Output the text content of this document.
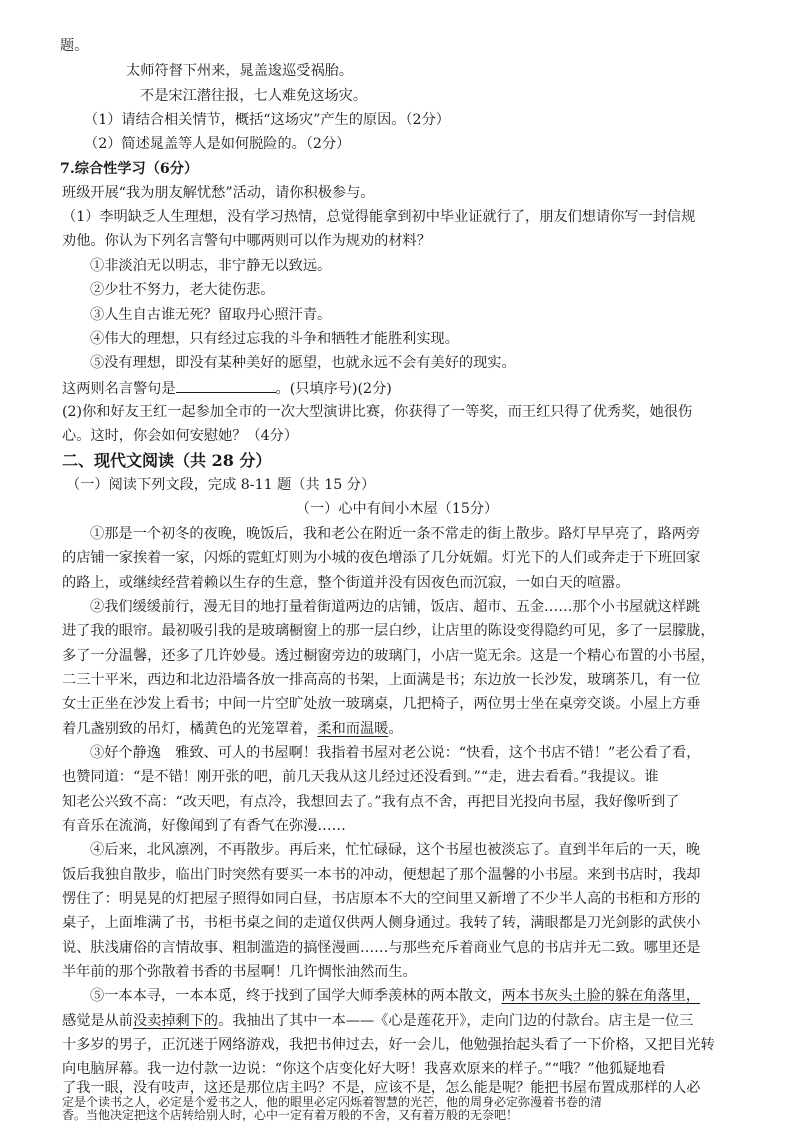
题。
太师符督下州来，晁盖逡巡受祸胎。
不是宋江潜往报，七人难免这场灾。
（1）请结合相关情节，概括“这场灾”产生的原因。（2分）
（2）简述晁盖等人是如何脱险的。（2分）
7.综合性学习（6分）
班级开展“我为朋友解忧愁”活动，请你积极参与。
（1）李明缺乏人生理想，没有学习热情，总觉得能拿到初中毕业证就行了，朋友们想请你写一封信规
劝他。你认为下列名言警句中哪两则可以作为规劝的材料？
①非淡泊无以明志，非宁静无以致远。
②少壮不努力，老大徒伤悲。
③人生自古谁无死？留取丹心照汗青。
④伟大的理想，只有经过忘我的斗争和牺牲才能胜利实现。
⑤没有理想，即没有某种美好的愿望，也就永远不会有美好的现实。
这两则名言警句是	。(只填序号)(2分)
(2)你和好友王红一起参加全市的一次大型演讲比赛，你获得了一等奖，而王红只得了优秀奖，她很伤
心。这时，你会如何安慰她？（4分）
二、现代文阅读（共 28 分）
（一）阅读下列文段，完成 8-11 题（共 15 分）
（一）心中有间小木屋（15分）
①那是一个初冬的夜晚，晚饭后，我和老公在附近一条不常走的街上散步。路灯早早亮了，路两旁
的店铺一家挨着一家，闪烁的霓虹灯则为小城的夜色增添了几分妩媚。灯光下的人们或奔走于下班回家
的路上，或继续经营着赖以生存的生意，整个街道并没有因夜色而沉寂，一如白天的喧嚣。
②我们缓缓前行，漫无目的地打量着街道两边的店铺，饭店、超市、五金……那个小书屋就这样跳
进了我的眼帘。最初吸引我的是玻璃橱窗上的那一层白纱，让店里的陈设变得隐约可见，多了一层朦胧，
多了一分温馨，还多了几许妙曼。透过橱窗旁边的玻璃门，小店一览无余。这是一个精心布置的小书屋，
二三十平米，西边和北边沿墙各放一排高高的书架，上面满是书；东边放一长沙发，玻璃茶几，有一位
女士正坐在沙发上看书；中间一片空旷处放一玻璃桌，几把椅子，两位男士坐在桌旁交谈。小屋上方垂
着几盏别致的吊灯，橘黄色的光笼罩着，柔和而温暖。
③好个静逸　雅致、可人的书屋啊！我指着书屋对老公说：“快看，这个书店不错！”老公看了看，
也赞同道：“是不错！刚开张的吧，前几天我从这儿经过还没看到。”“走，进去看看。”我提议。谁
知老公兴致不高：“改天吧，有点冷，我想回去了。”我有点不舍，再把目光投向书屋，我好像听到了
有音乐在流淌，好像闻到了有香气在弥漫……
④后来，北风凛冽，不再散步。再后来，忙忙碌碌，这个书屋也被淡忘了。直到半年后的一天，晚
饭后我独自散步，临出门时突然有要买一本书的冲动，便想起了那个温馨的小书屋。来到书店时，我却
愣住了：明晃晃的灯把屋子照得如同白昼，书店原本不大的空间里又新增了不少半人高的书柜和方形的
桌子，上面堆满了书，书柜书桌之间的走道仅供两人侧身通过。我转了转，满眼都是刀光剑影的武侠小
说、肤浅庸俗的言情故事、粗制滥造的搞怪漫画……与那些充斥着商业气息的书店并无二致。哪里还是
半年前的那个弥散着书香的书屋啊！几许惆怅油然而生。
⑤一本本寻，一本本觅，终于找到了国学大师季羡林的两本散文，两本书灰头土脸的躲在角落里，
感觉是从前没卖掉剩下的。我抽出了其中一本——《心是莲花开》，走向门边的付款台。店主是一位三
十多岁的男子，正沉迷于网络游戏，我把书伸过去，好一会儿，他勉强抬起头看了一下价格，又把目光转
向电脑屏幕。我一边付款一边说：“你这个店变化好大呀！我喜欢原来的样子。”“哦？”他狐疑地看
了我一眼，没有吱声，这还是那位店主吗？不是，应该不是，怎么能是呢？能把书屋布置成那样的人必
定是个读书之人，必定是个爱书之人，他的眼里必定闪烁着智慧的光芒，他的周身必定弥漫着书卷的清
香。当他决定把这个店转给别人时，心中一定有着万般的不舍，又有着万般的无奈吧！
